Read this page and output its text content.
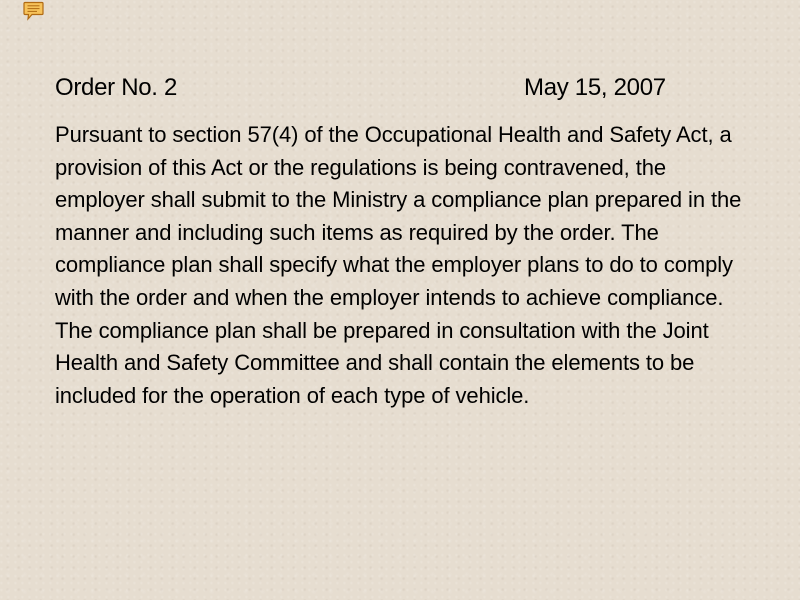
Order No. 2	May 15, 2007

Pursuant to section 57(4) of the Occupational Health and Safety Act, a provision of this Act or the regulations is being contravened, the employer shall submit to the Ministry a compliance plan prepared in the manner and including such items as required by the order. The compliance plan shall specify what the employer plans to do to comply with the order and when the employer intends to achieve compliance. The compliance plan shall be prepared in consultation with the Joint Health and Safety Committee and shall contain the elements to be included for the operation of each type of vehicle.
